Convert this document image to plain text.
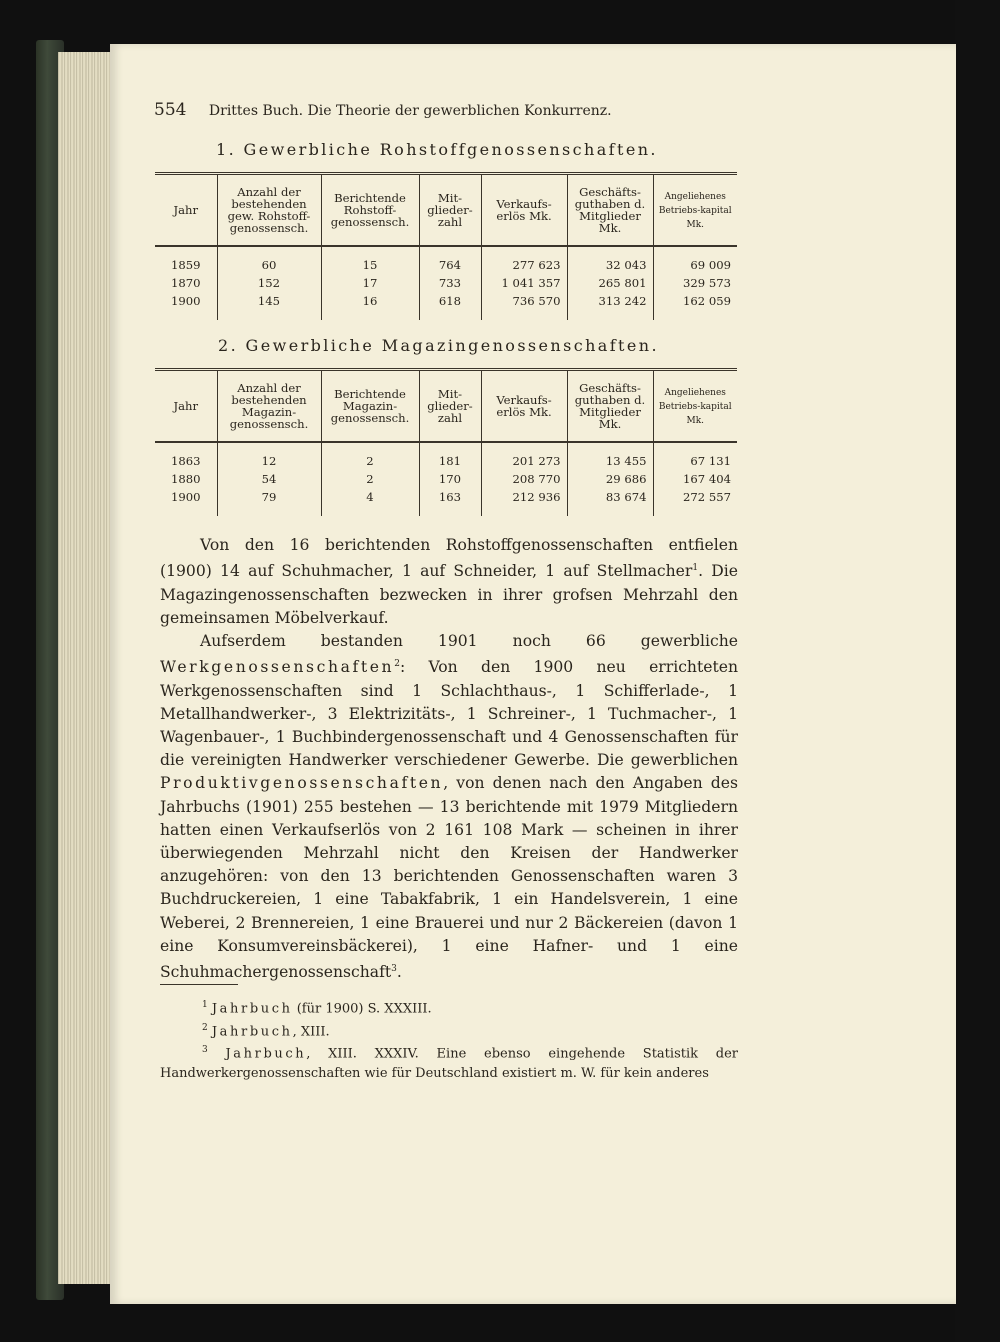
554 Drittes Buch. Die Theorie der gewerblichen Konkurrenz.
1. Gewerbliche Rohstoffgenossenschaften.
Jahr	Anzahl der bestehenden gew. Rohstoff-genossensch.	Berichtende Rohstoff-genossensch.	Mit-glieder-zahl	Verkaufs-erlös Mk.	Geschäfts-guthaben d. Mitglieder Mk.	Angeliehenes Betriebs-kapital Mk.
1859	60	15	764	277 623	32 043	69 009
1870	152	17	733	1 041 357	265 801	329 573
1900	145	16	618	736 570	313 242	162 059
2. Gewerbliche Magazingenossenschaften.
Jahr	Anzahl der bestehenden Magazin-genossensch.	Berichtende Magazin-genossensch.	Mit-glieder-zahl	Verkaufs-erlös Mk.	Geschäfts-guthaben d. Mitglieder Mk.	Angeliehenes Betriebs-kapital Mk.
1863	12	2	181	201 273	13 455	67 131
1880	54	2	170	208 770	29 686	167 404
1900	79	4	163	212 936	83 674	272 557

Von den 16 berichtenden Rohstoffgenossenschaften entfielen (1900) 14 auf Schuhmacher, 1 auf Schneider, 1 auf Stellmacher$^1$. Die Magazingenossenschaften bezwecken in ihrer grofsen Mehrzahl den gemeinsamen Möbelverkauf.

Aufserdem bestanden 1901 noch 66 gewerbliche Werkgenossenschaften$^2$: Von den 1900 neu errichteten Werkgenossenschaften sind 1 Schlachthaus-, 1 Schifferlade-, 1 Metallhandwerker-, 3 Elektrizitäts-, 1 Schreiner-, 1 Tuchmacher-, 1 Wagenbauer-, 1 Buchbindergenossenschaft und 4 Genossenschaften für die vereinigten Handwerker verschiedener Gewerbe. Die gewerblichen Produktivgenossenschaften, von denen nach den Angaben des Jahrbuchs (1901) 255 bestehen — 13 berichtende mit 1979 Mitgliedern hatten einen Verkaufserlös von 2 161 108 Mark — scheinen in ihrer überwiegenden Mehrzahl nicht den Kreisen der Handwerker anzugehören: von den 13 berichtenden Genossenschaften waren 3 Buchdruckereien, 1 eine Tabakfabrik, 1 ein Handelsverein, 1 eine Weberei, 2 Brennereien, 1 eine Brauerei und nur 2 Bäckereien (davon 1 eine Konsumvereinsbäckerei), 1 eine Hafner- und 1 eine Schuhmachergenossenschaft$^3$.

$^1$ Jahrbuch (für 1900) S. XXXIII.

$^2$ Jahrbuch, XIII.

$^3$ Jahrbuch, XIII. XXXIV. Eine ebenso eingehende Statistik der Handwerkergenossenschaften wie für Deutschland existiert m. W. für kein anderes
